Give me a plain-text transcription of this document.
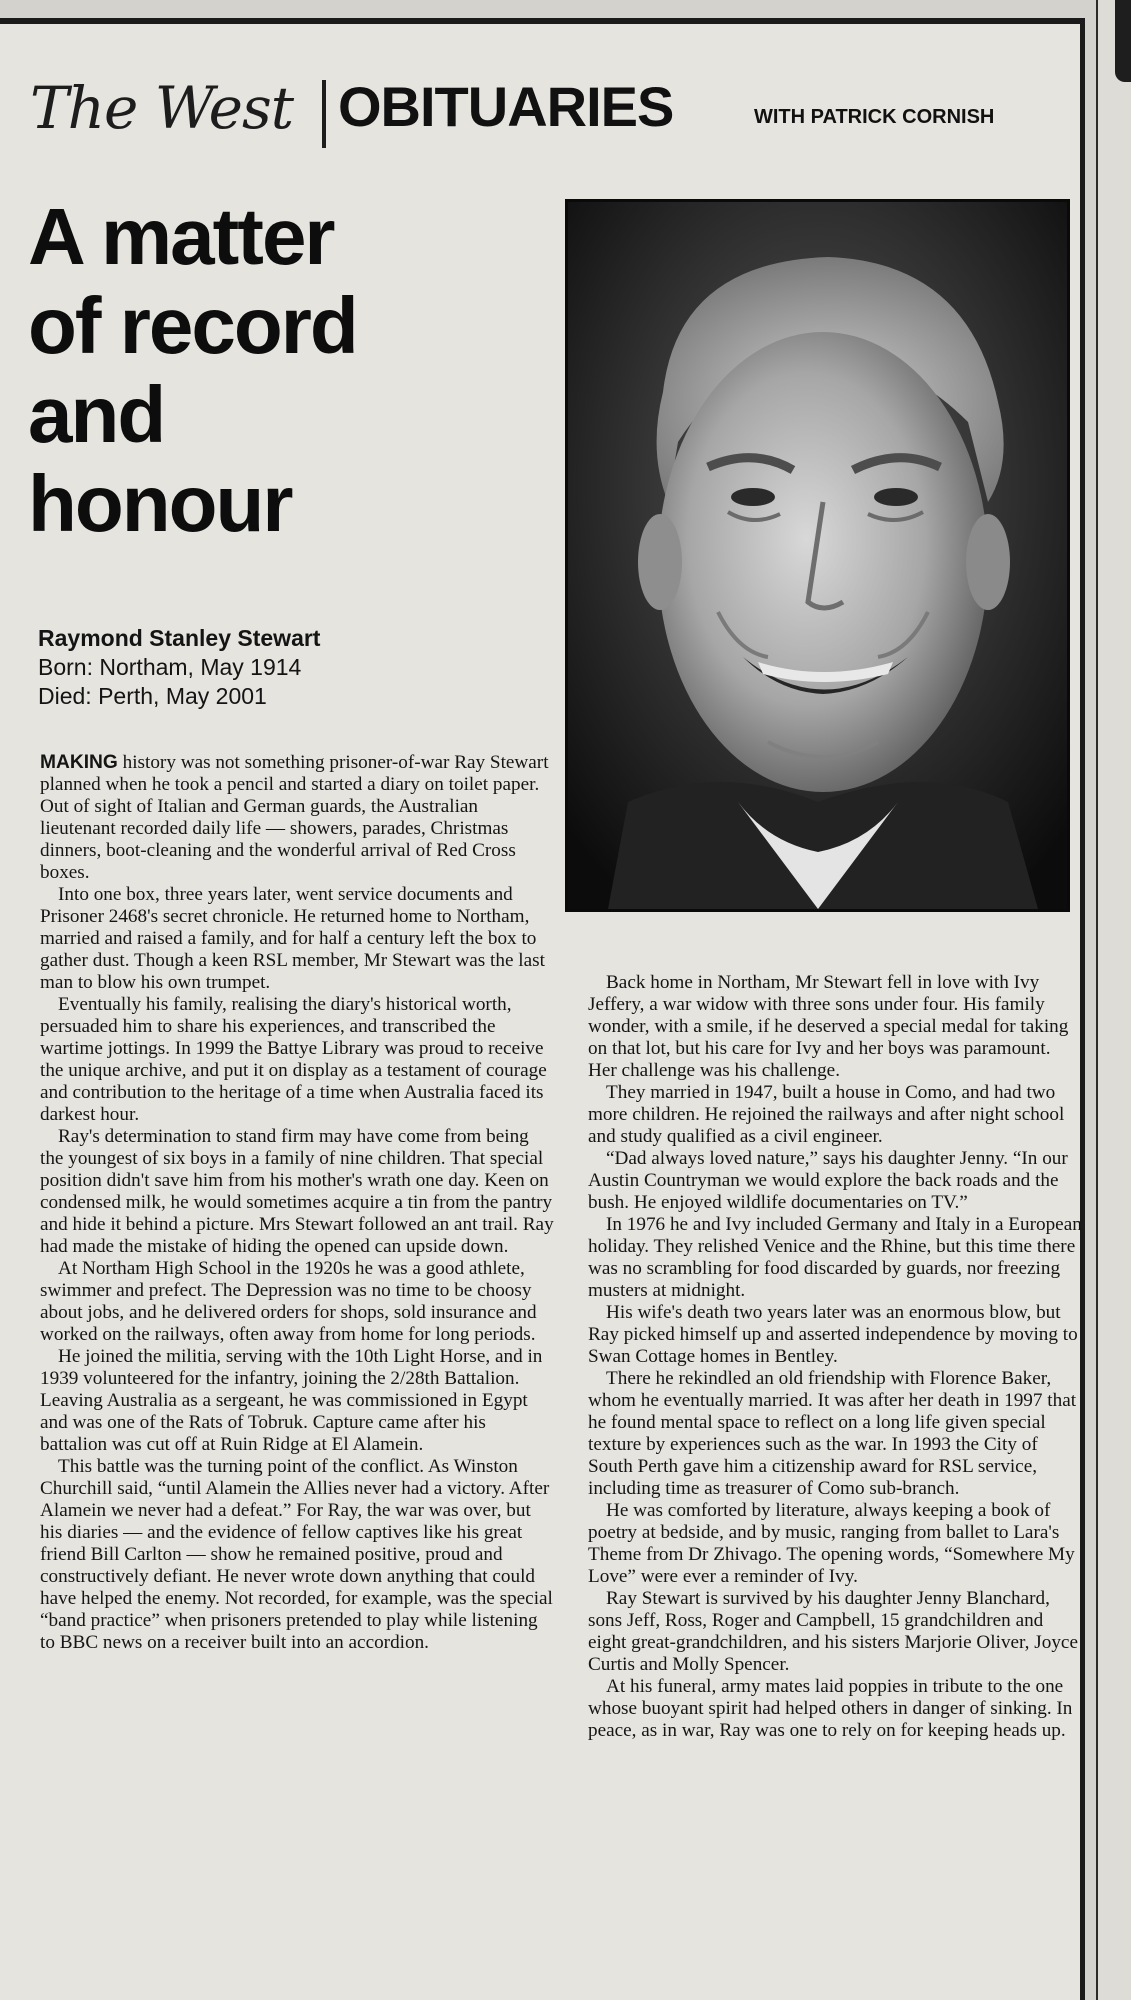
The West OBITUARIES	WITH PATRICK CORNISH
A matter
of record
and
honour
Raymond Stanley Stewart
Born: Northam, May 1914
Died: Perth, May 2001

MAKING history was not something prisoner-of-war Ray Stewart planned when he took a pencil and started a diary on toilet paper. Out of sight of Italian and German guards, the Australian lieutenant recorded daily life — showers, parades, Christmas dinners, boot-cleaning and the wonderful arrival of Red Cross boxes.

Into one box, three years later, went service documents and Prisoner 2468's secret chronicle. He returned home to Northam, married and raised a family, and for half a century left the box to gather dust. Though a keen RSL member, Mr Stewart was the last man to blow his own trumpet.

Eventually his family, realising the diary's historical worth, persuaded him to share his experiences, and transcribed the wartime jottings. In 1999 the Battye Library was proud to receive the unique archive, and put it on display as a testament of courage and contribution to the heritage of a time when Australia faced its darkest hour.

Ray's determination to stand firm may have come from being the youngest of six boys in a family of nine children. That special position didn't save him from his mother's wrath one day. Keen on condensed milk, he would sometimes acquire a tin from the pantry and hide it behind a picture. Mrs Stewart followed an ant trail. Ray had made the mistake of hiding the opened can upside down.

At Northam High School in the 1920s he was a good athlete, swimmer and prefect. The Depression was no time to be choosy about jobs, and he delivered orders for shops, sold insurance and worked on the railways, often away from home for long periods.

He joined the militia, serving with the 10th Light Horse, and in 1939 volunteered for the infantry, joining the 2/28th Battalion. Leaving Australia as a sergeant, he was commissioned in Egypt and was one of the Rats of Tobruk. Capture came after his battalion was cut off at Ruin Ridge at El Alamein.

This battle was the turning point of the conflict. As Winston Churchill said, “until Alamein the Allies never had a victory. After Alamein we never had a defeat.” For Ray, the war was over, but his diaries — and the evidence of fellow captives like his great friend Bill Carlton — show he remained positive, proud and constructively defiant. He never wrote down anything that could have helped the enemy. Not recorded, for example, was the special “band practice” when prisoners pretended to play while listening to BBC news on a receiver built into an accordion.

Back home in Northam, Mr Stewart fell in love with Ivy Jeffery, a war widow with three sons under four. His family wonder, with a smile, if he deserved a special medal for taking on that lot, but his care for Ivy and her boys was paramount. Her challenge was his challenge.

They married in 1947, built a house in Como, and had two more children. He rejoined the railways and after night school and study qualified as a civil engineer.

“Dad always loved nature,” says his daughter Jenny. “In our Austin Countryman we would explore the back roads and the bush. He enjoyed wildlife documentaries on TV.”

In 1976 he and Ivy included Germany and Italy in a European holiday. They relished Venice and the Rhine, but this time there was no scrambling for food discarded by guards, nor freezing musters at midnight.

His wife's death two years later was an enormous blow, but Ray picked himself up and asserted independence by moving to Swan Cottage homes in Bentley.

There he rekindled an old friendship with Florence Baker, whom he eventually married. It was after her death in 1997 that he found mental space to reflect on a long life given special texture by experiences such as the war. In 1993 the City of South Perth gave him a citizenship award for RSL service, including time as treasurer of Como sub-branch.

He was comforted by literature, always keeping a book of poetry at bedside, and by music, ranging from ballet to Lara's Theme from Dr Zhivago. The opening words, “Somewhere My Love” were ever a reminder of Ivy.

Ray Stewart is survived by his daughter Jenny Blanchard, sons Jeff, Ross, Roger and Campbell, 15 grandchildren and eight great-grandchildren, and his sisters Marjorie Oliver, Joyce Curtis and Molly Spencer.

At his funeral, army mates laid poppies in tribute to the one whose buoyant spirit had helped others in danger of sinking. In peace, as in war, Ray was one to rely on for keeping heads up.
